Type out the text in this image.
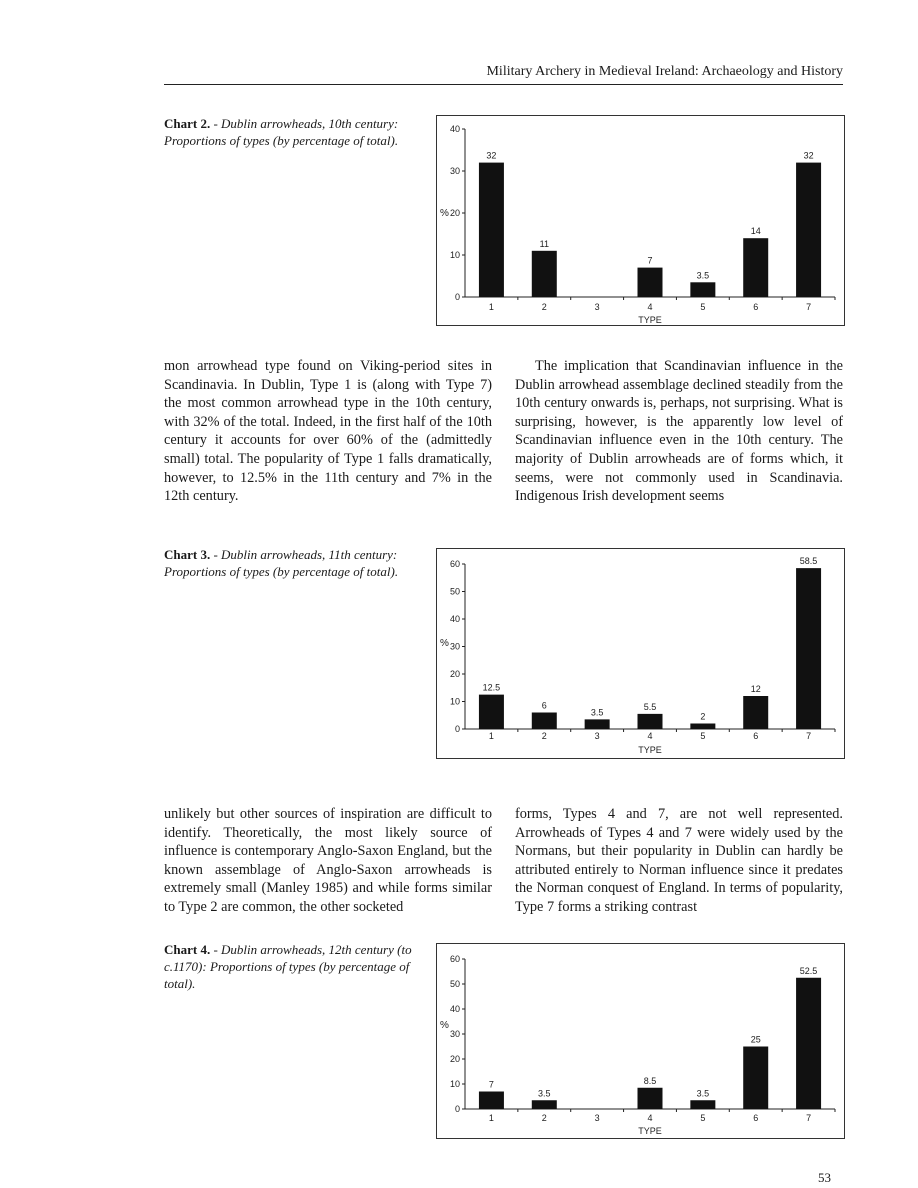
Military Archery in Medieval Ireland: Archaeology and History
Chart 2. - Dublin arrowheads, 10th century: Proportions of types (by percentage of total).
0
10
20
30
40
%
32
1
11
2	3
7
4
3.5
5
14
6
32
7
TYPE

mon arrowhead type found on Viking-period sites in Scandinavia. In Dublin, Type 1 is (along with Type 7) the most common arrowhead type in the 10th century, with 32% of the total. Indeed, in the first half of the 10th century it accounts for over 60% of the (admittedly small) total. The popularity of Type 1 falls dramatically, however, to 12.5% in the 11th century and 7% in the 12th century.

The implication that Scandinavian influence in the Dublin arrowhead assemblage declined steadily from the 10th century onwards is, perhaps, not surprising. What is surprising, however, is the apparently low level of Scandinavian influence even in the 10th century. The majority of Dublin arrowheads are of forms which, it seems, were not commonly used in Scandinavia. Indigenous Irish development seems

Chart 3. - Dublin arrowheads, 11th century: Proportions of types (by percentage of total).
0
10
20
30
40
50
60
%
12.5
1
6
2
3.5
3
5.5
4
2
5
12
6
58.5
7
TYPE

unlikely but other sources of inspiration are difficult to identify. Theoretically, the most likely source of influence is contemporary Anglo-Saxon England, but the known assemblage of Anglo-Saxon arrowheads is extremely small (Manley 1985) and while forms similar to Type 2 are common, the other socketed

forms, Types 4 and 7, are not well represented. Arrowheads of Types 4 and 7 were widely used by the Normans, but their popularity in Dublin can hardly be attributed entirely to Norman influence since it predates the Norman conquest of England. In terms of popularity, Type 7 forms a striking contrast

Chart 4. - Dublin arrowheads, 12th century (to c.1170): Proportions of types (by percentage of total).
0
10
20
30
40
50
60
%
7
1
3.5
2	3
8.5
4
3.5
5
25
6
52.5
7
TYPE
53
